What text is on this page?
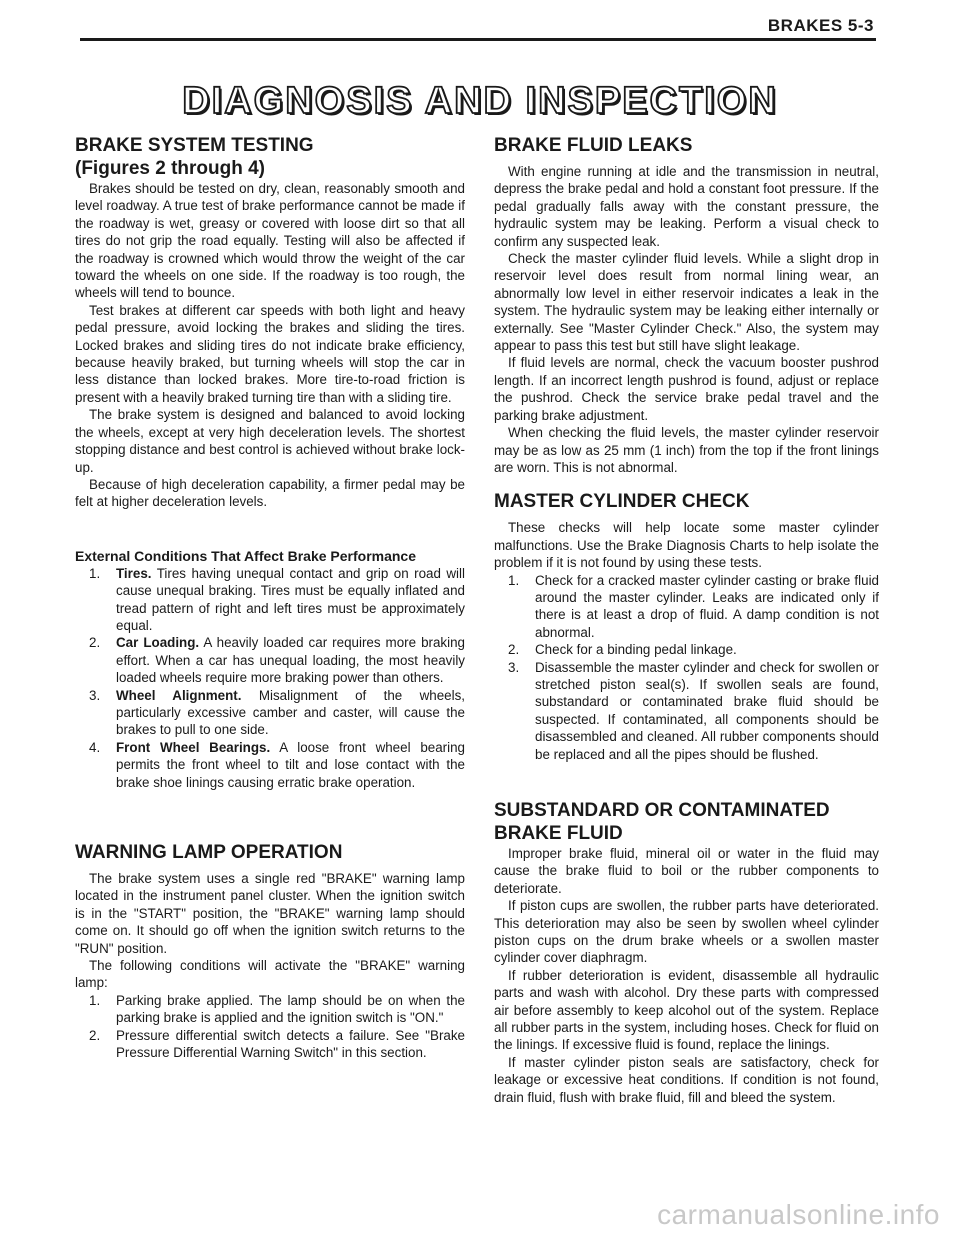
BRAKES 5-3
DIAGNOSIS AND INSPECTION
BRAKE SYSTEM TESTING
(Figures 2 through 4)

Brakes should be tested on dry, clean, reasonably smooth and level roadway. A true test of brake performance cannot be made if the roadway is wet, greasy or covered with loose dirt so that all tires do not grip the road equally. Testing will also be affected if the roadway is crowned which would throw the weight of the car toward the wheels on one side. If the roadway is too rough, the wheels will tend to bounce.

Test brakes at different car speeds with both light and heavy pedal pressure, avoid locking the brakes and sliding the tires. Locked brakes and sliding tires do not indicate brake efficiency, because heavily braked, but turning wheels will stop the car in less distance than locked brakes. More tire-to-road friction is present with a heavily braked turning tire than with a sliding tire.

The brake system is designed and balanced to avoid locking the wheels, except at very high deceleration levels. The shortest stopping distance and best control is achieved without brake lock-up.

Because of high deceleration capability, a firmer pedal may be felt at higher deceleration levels.

External Conditions That Affect Brake Performance
1. Tires. Tires having unequal contact and grip on road will cause unequal braking. Tires must be equally inflated and tread pattern of right and left tires must be approximately equal.
2. Car Loading. A heavily loaded car requires more braking effort. When a car has unequal loading, the most heavily loaded wheels require more braking power than others.
3. Wheel Alignment. Misalignment of the wheels, particularly excessive camber and caster, will cause the brakes to pull to one side.
4. Front Wheel Bearings. A loose front wheel bearing permits the front wheel to tilt and lose contact with the brake shoe linings causing erratic brake operation.
WARNING LAMP OPERATION

The brake system uses a single red "BRAKE" warning lamp located in the instrument panel cluster. When the ignition switch is in the "START" position, the "BRAKE" warning lamp should come on. It should go off when the ignition switch returns to the "RUN" position.

The following conditions will activate the "BRAKE" warning lamp:

1. Parking brake applied. The lamp should be on when the parking brake is applied and the ignition switch is "ON."
2. Pressure differential switch detects a failure. See "Brake Pressure Differential Warning Switch" in this section.
BRAKE FLUID LEAKS

With engine running at idle and the transmission in neutral, depress the brake pedal and hold a constant foot pressure. If the pedal gradually falls away with the constant pressure, the hydraulic system may be leaking. Perform a visual check to confirm any suspected leak.

Check the master cylinder fluid levels. While a slight drop in reservoir level does result from normal lining wear, an abnormally low level in either reservoir indicates a leak in the system. The hydraulic system may be leaking either internally or externally. See "Master Cylinder Check." Also, the system may appear to pass this test but still have slight leakage.

If fluid levels are normal, check the vacuum booster pushrod length. If an incorrect length pushrod is found, adjust or replace the pushrod. Check the service brake pedal travel and the parking brake adjustment.

When checking the fluid levels, the master cylinder reservoir may be as low as 25 mm (1 inch) from the top if the front linings are worn. This is not abnormal.

MASTER CYLINDER CHECK

These checks will help locate some master cylinder malfunctions. Use the Brake Diagnosis Charts to help isolate the problem if it is not found by using these tests.

1. Check for a cracked master cylinder casting or brake fluid around the master cylinder. Leaks are indicated only if there is at least a drop of fluid. A damp condition is not abnormal.
2. Check for a binding pedal linkage.
3. Disassemble the master cylinder and check for swollen or stretched piston seal(s). If swollen seals are found, substandard or contaminated brake fluid should be suspected. If contaminated, all components should be disassembled and cleaned. All rubber components should be replaced and all the pipes should be flushed.
SUBSTANDARD OR CONTAMINATED
BRAKE FLUID

Improper brake fluid, mineral oil or water in the fluid may cause the brake fluid to boil or the rubber components to deteriorate.

If piston cups are swollen, the rubber parts have deteriorated. This deterioration may also be seen by swollen wheel cylinder piston cups on the drum brake wheels or a swollen master cylinder cover diaphragm.

If rubber deterioration is evident, disassemble all hydraulic parts and wash with alcohol. Dry these parts with compressed air before assembly to keep alcohol out of the system. Replace all rubber parts in the system, including hoses. Check for fluid on the linings. If excessive fluid is found, replace the linings.

If master cylinder piston seals are satisfactory, check for leakage or excessive heat conditions. If condition is not found, drain fluid, flush with brake fluid, fill and bleed the system.

carmanualsonline.info
